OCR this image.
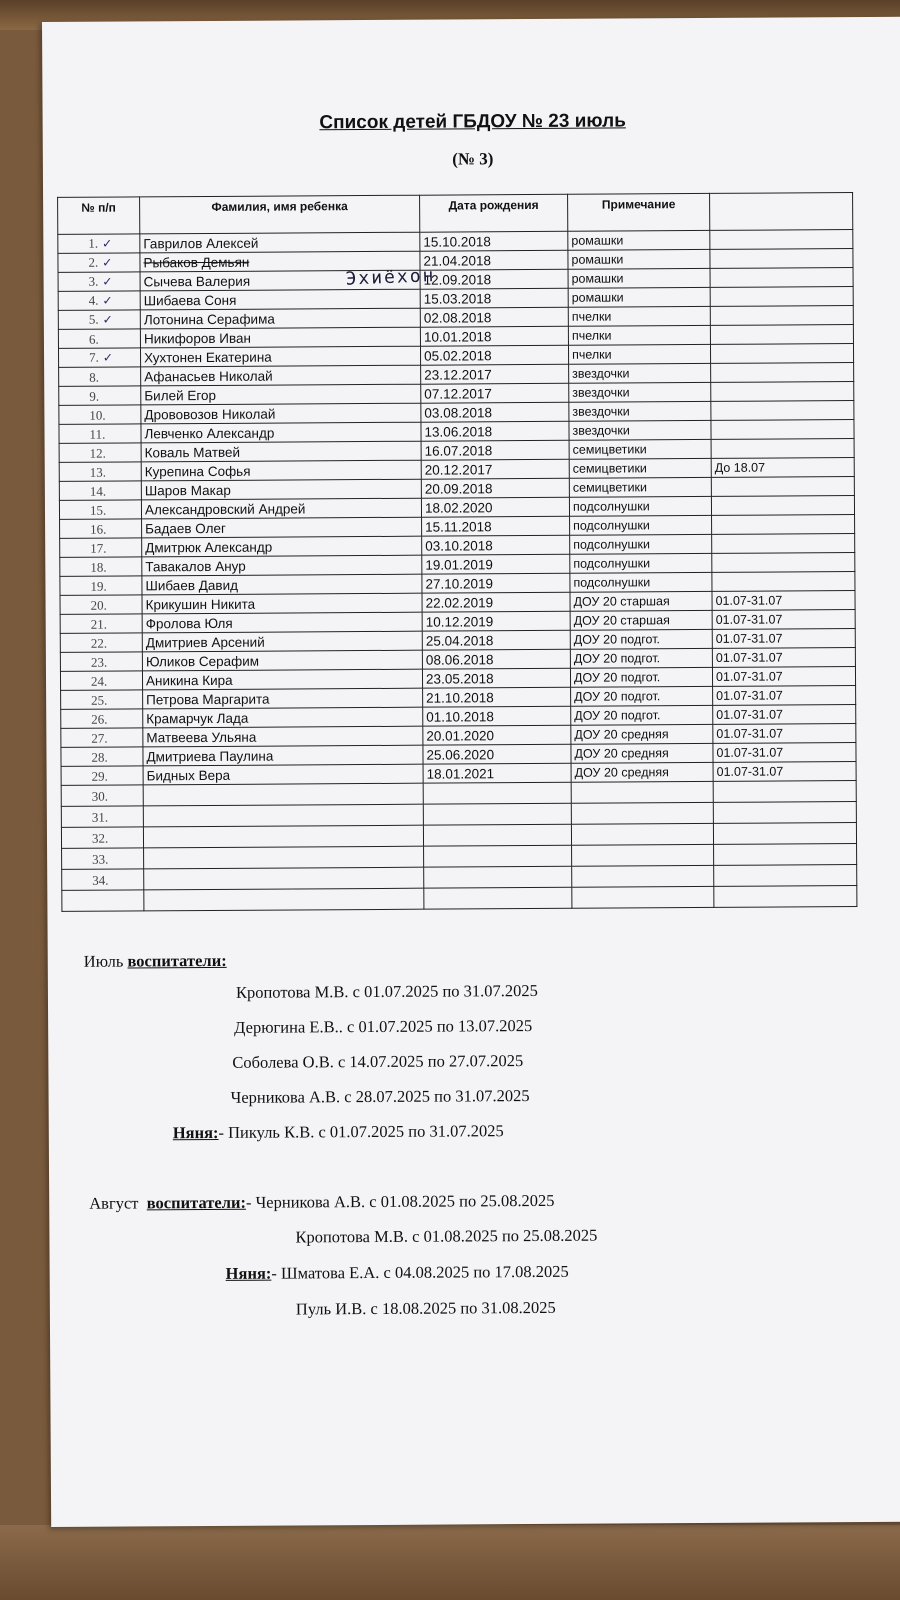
Список детей ГБДОУ № 23 июль
(№ 3)
№ п/п	Фамилия, имя ребенка	Дата рождения	Примечание	
1. ✓	Гаврилов Алексей	15.10.2018	ромашки	
2. ✓	Рыбаков Демьян	21.04.2018	ромашки	
3. ✓	Сычева Валерия	12.09.2018	ромашки	
4. ✓	Шибаева Соня	15.03.2018	ромашки	
5. ✓	Лотонина Серафима	02.08.2018	пчелки	
6.	Никифоров Иван	10.01.2018	пчелки	
7. ✓	Хухтонен Екатерина	05.02.2018	пчелки	
8.	Афанасьев Николай	23.12.2017	звездочки	
9.	Билей Егор	07.12.2017	звездочки	
10.	Дрововозов Николай	03.08.2018	звездочки	
11.	Левченко Александр	13.06.2018	звездочки	
12.	Коваль Матвей	16.07.2018	семицветики	
13.	Курепина Софья	20.12.2017	семицветики	До 18.07
14.	Шаров Макар	20.09.2018	семицветики	
15.	Александровский Андрей	18.02.2020	подсолнушки	
16.	Бадаев Олег	15.11.2018	подсолнушки	
17.	Дмитрюк Александр	03.10.2018	подсолнушки	
18.	Тавакалов Анур	19.01.2019	подсолнушки	
19.	Шибаев Давид	27.10.2019	подсолнушки	
20.	Крикушин Никита	22.02.2019	ДОУ 20 старшая	01.07-31.07
21.	Фролова Юля	10.12.2019	ДОУ 20 старшая	01.07-31.07
22.	Дмитриев Арсений	25.04.2018	ДОУ 20 подгот.	01.07-31.07
23.	Юликов Серафим	08.06.2018	ДОУ 20 подгот.	01.07-31.07
24.	Аникина Кира	23.05.2018	ДОУ 20 подгот.	01.07-31.07
25.	Петрова Маргарита	21.10.2018	ДОУ 20 подгот.	01.07-31.07
26.	Крамарчук Лада	01.10.2018	ДОУ 20 подгот.	01.07-31.07
27.	Матвеева Ульяна	20.01.2020	ДОУ 20 средняя	01.07-31.07
28.	Дмитриева Паулина	25.06.2020	ДОУ 20 средняя	01.07-31.07
29.	Бидных Вера	18.01.2021	ДОУ 20 средняя	01.07-31.07
30.				
31.				
32.				
33.				
34.				

Эхиёхон
Июль воспитатели:
Кропотова М.В. с 01.07.2025 по 31.07.2025
Дерюгина Е.В.. с 01.07.2025 по 13.07.2025
Соболева О.В. с 14.07.2025 по 27.07.2025
Черникова А.В. с 28.07.2025 по 31.07.2025
Няня:- Пикуль К.В. с 01.07.2025 по 31.07.2025
Август воспитатели:- Черникова А.В. с 01.08.2025 по 25.08.2025
Кропотова М.В. с 01.08.2025 по 25.08.2025
Няня:- Шматова Е.А. с 04.08.2025 по 17.08.2025
Пуль И.В. с 18.08.2025 по 31.08.2025
